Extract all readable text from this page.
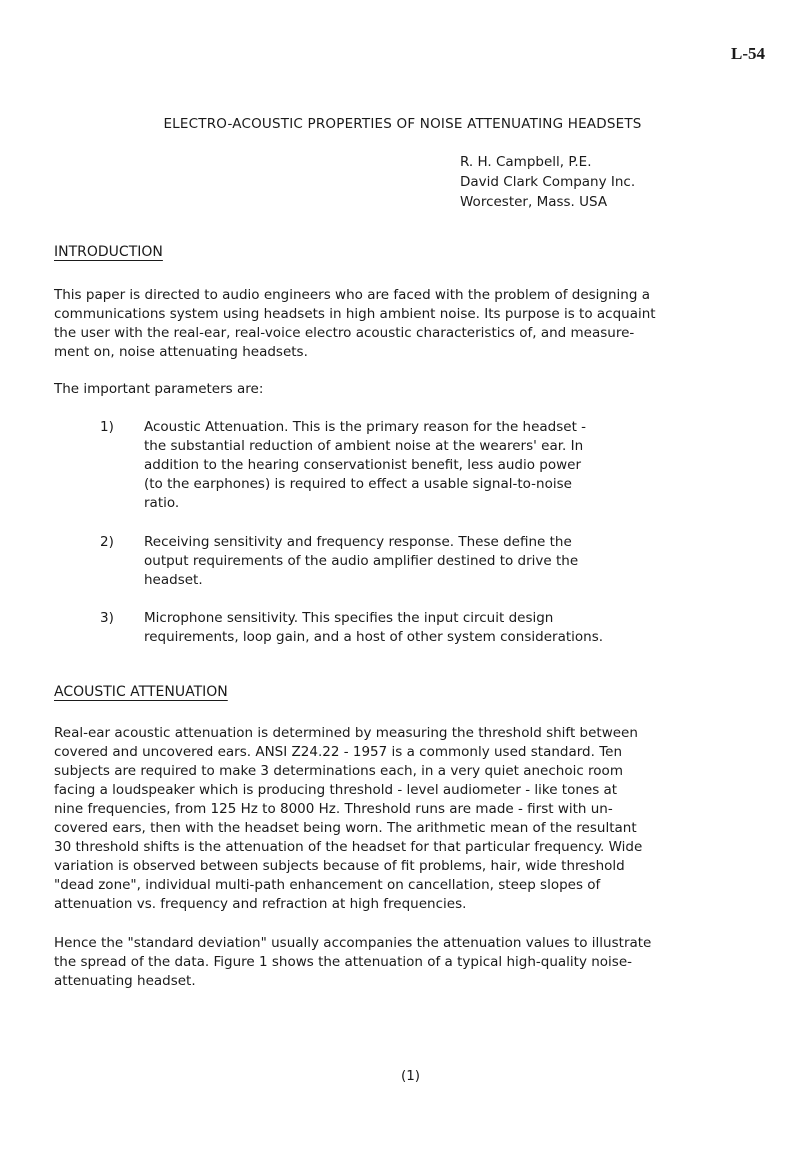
L-54
ELECTRO-ACOUSTIC PROPERTIES OF NOISE ATTENUATING HEADSETS
R. H. Campbell, P.E.
David Clark Company Inc.
Worcester, Mass. USA
INTRODUCTION
This paper is directed to audio engineers who are faced with the problem of designing a
communications system using headsets in high ambient noise. Its purpose is to acquaint
the user with the real-ear, real-voice electro acoustic characteristics of, and measure-
ment on, noise attenuating headsets.
The important parameters are:
1) Acoustic Attenuation. This is the primary reason for the headset -
the substantial reduction of ambient noise at the wearers' ear. In
addition to the hearing conservationist benefit, less audio power
(to the earphones) is required to effect a usable signal-to-noise
ratio.
2) Receiving sensitivity and frequency response. These define the
output requirements of the audio amplifier destined to drive the
headset.
3) Microphone sensitivity. This specifies the input circuit design
requirements, loop gain, and a host of other system considerations.
ACOUSTIC ATTENUATION
Real-ear acoustic attenuation is determined by measuring the threshold shift between
covered and uncovered ears. ANSI Z24.22 - 1957 is a commonly used standard. Ten
subjects are required to make 3 determinations each, in a very quiet anechoic room
facing a loudspeaker which is producing threshold - level audiometer - like tones at
nine frequencies, from 125 Hz to 8000 Hz. Threshold runs are made - first with un-
covered ears, then with the headset being worn. The arithmetic mean of the resultant
30 threshold shifts is the attenuation of the headset for that particular frequency. Wide
variation is observed between subjects because of fit problems, hair, wide threshold
"dead zone", individual multi-path enhancement on cancellation, steep slopes of
attenuation vs. frequency and refraction at high frequencies.
Hence the "standard deviation" usually accompanies the attenuation values to illustrate
the spread of the data. Figure 1 shows the attenuation of a typical high-quality noise-
attenuating headset.
(1)
